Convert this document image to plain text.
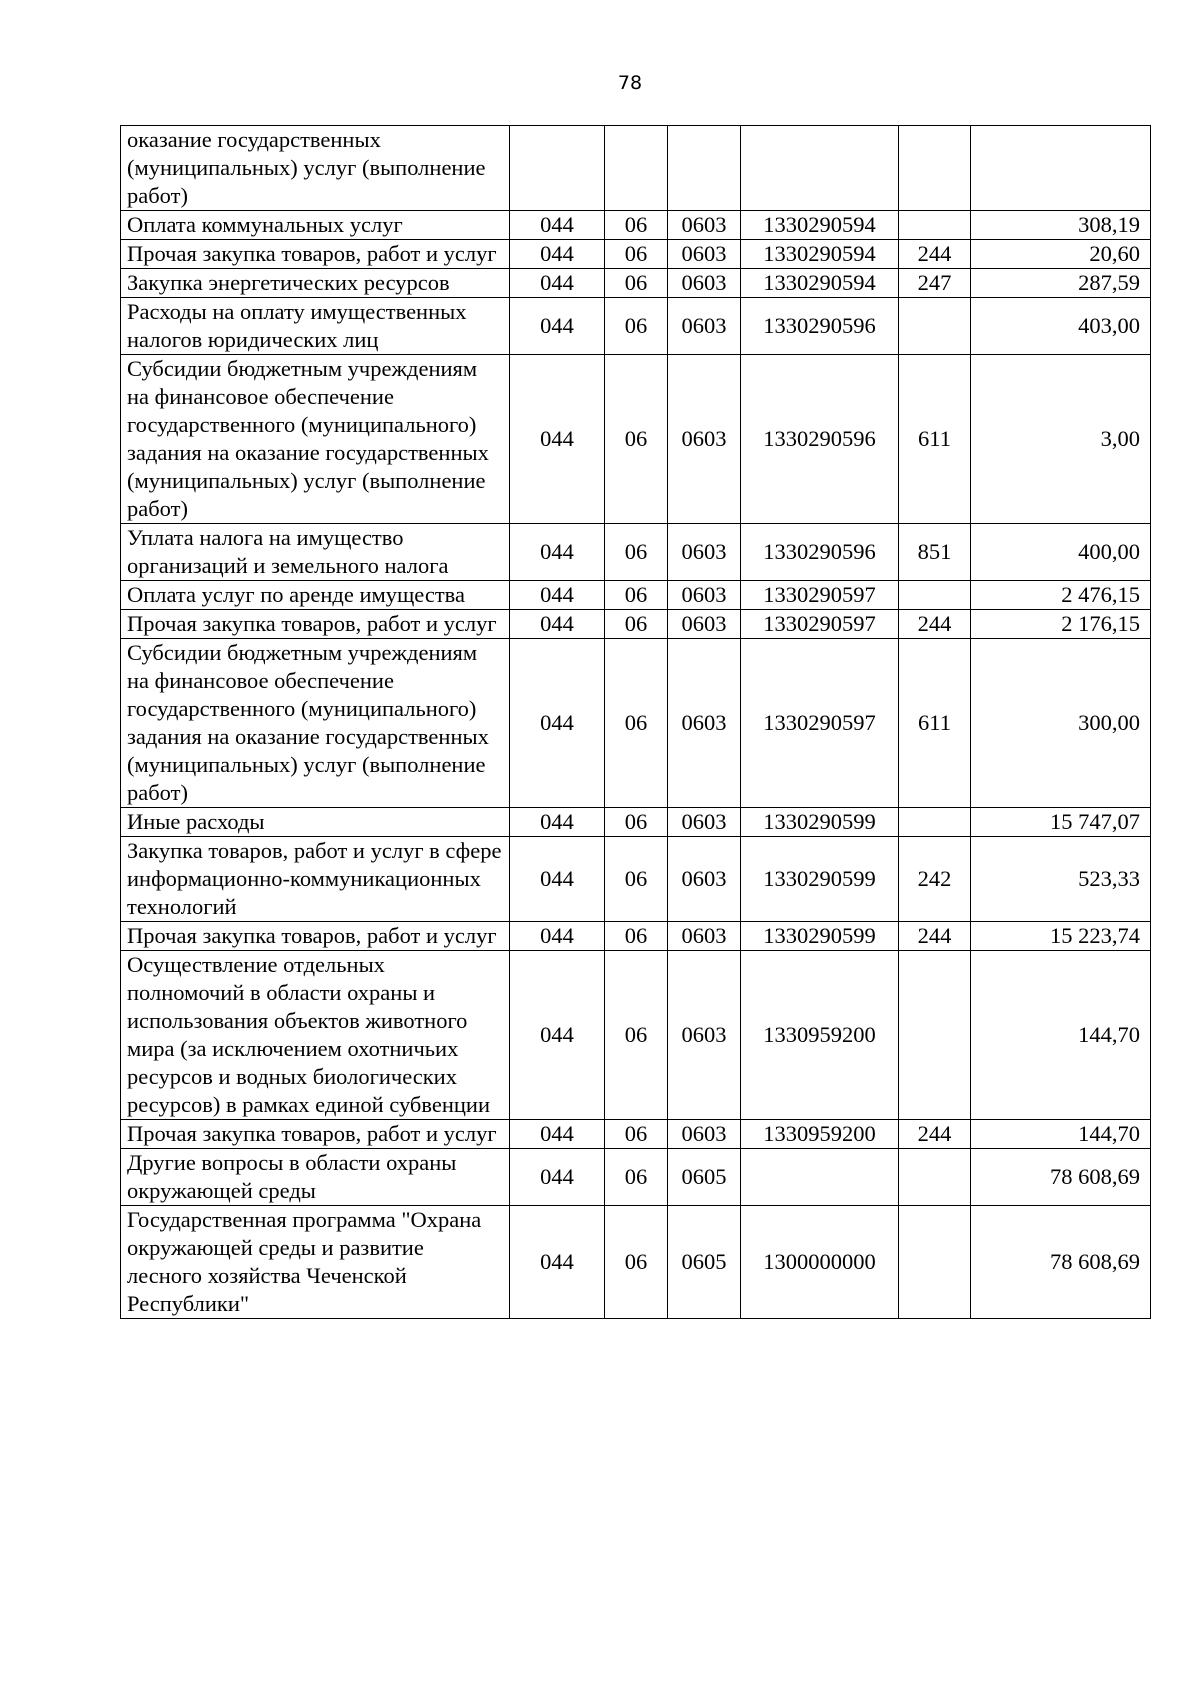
78
оказание государственных (муниципальных) услуг (выполнение работ)						
Оплата коммунальных услуг	044	06	0603	1330290594		308,19
Прочая закупка товаров, работ и услуг	044	06	0603	1330290594	244	20,60
Закупка энергетических ресурсов	044	06	0603	1330290594	247	287,59
Расходы на оплату имущественных налогов юридических лиц	044	06	0603	1330290596		403,00
Субсидии бюджетным учреждениям на финансовое обеспечение государственного (муниципального) задания на оказание государственных (муниципальных) услуг (выполнение работ)	044	06	0603	1330290596	611	3,00
Уплата налога на имущество организаций и земельного налога	044	06	0603	1330290596	851	400,00
Оплата услуг по аренде имущества	044	06	0603	1330290597		2 476,15
Прочая закупка товаров, работ и услуг	044	06	0603	1330290597	244	2 176,15
Субсидии бюджетным учреждениям на финансовое обеспечение государственного (муниципального) задания на оказание государственных (муниципальных) услуг (выполнение работ)	044	06	0603	1330290597	611	300,00
Иные расходы	044	06	0603	1330290599		15 747,07
Закупка товаров, работ и услуг в сфере информационно-коммуникационных технологий	044	06	0603	1330290599	242	523,33
Прочая закупка товаров, работ и услуг	044	06	0603	1330290599	244	15 223,74
Осуществление отдельных полномочий в области охраны и использования объектов животного мира (за исключением охотничьих ресурсов и водных биологических ресурсов) в рамках единой субвенции	044	06	0603	1330959200		144,70
Прочая закупка товаров, работ и услуг	044	06	0603	1330959200	244	144,70
Другие вопросы в области охраны окружающей среды	044	06	0605			78 608,69
Государственная программа "Охрана окружающей среды и развитие лесного хозяйства Чеченской Республики"	044	06	0605	1300000000		78 608,69
